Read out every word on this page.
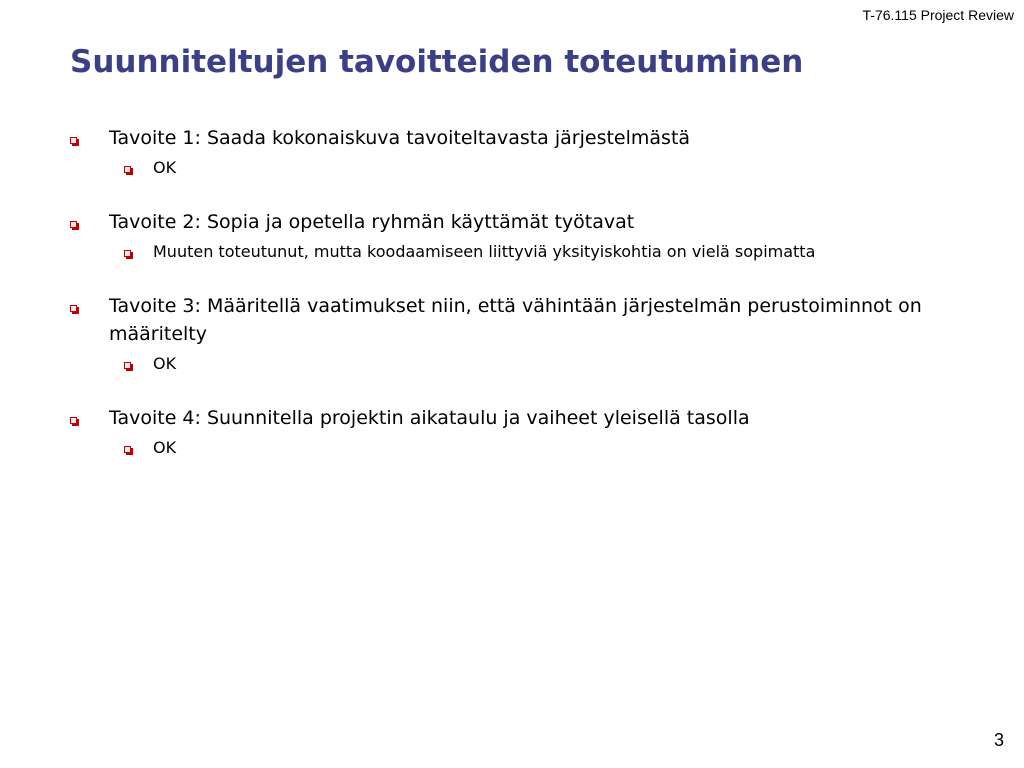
T-76.115 Project Review
Suunniteltujen tavoitteiden toteutuminen
Tavoite 1: Saada kokonaiskuva tavoiteltavasta järjestelmästä
OK
Tavoite 2: Sopia ja opetella ryhmän käyttämät työtavat
Muuten toteutunut, mutta koodaamiseen liittyviä yksityiskohtia on vielä sopimatta
Tavoite 3: Määritellä vaatimukset niin, että vähintään järjestelmän perustoiminnot on määritelty
OK
Tavoite 4: Suunnitella projektin aikataulu ja vaiheet yleisellä tasolla
OK
3
